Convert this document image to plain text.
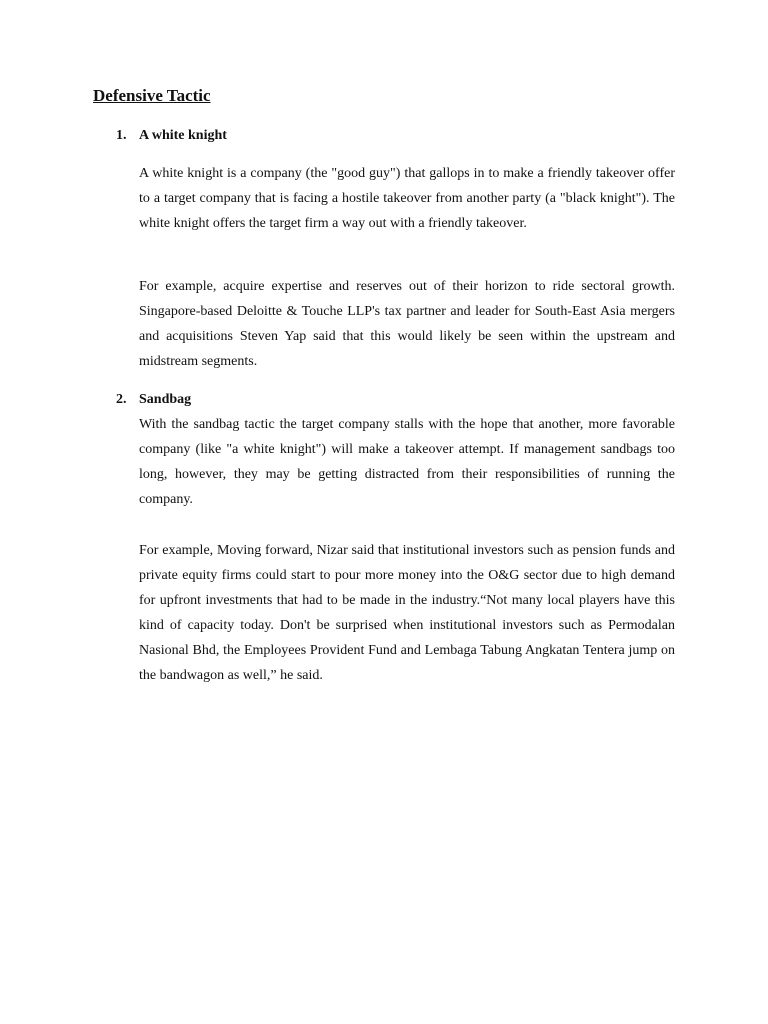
Defensive Tactic
1. A white knight

A white knight is a company (the "good guy") that gallops in to make a friendly takeover offer to a target company that is facing a hostile takeover from another party (a "black knight"). The white knight offers the target firm a way out with a friendly takeover.

For example, acquire expertise and reserves out of their horizon to ride sectoral growth. Singapore-based Deloitte & Touche LLP's tax partner and leader for South-East Asia mergers and acquisitions Steven Yap said that this would likely be seen within the upstream and midstream segments.

2. Sandbag

With the sandbag tactic the target company stalls with the hope that another, more favorable company (like "a white knight") will make a takeover attempt. If management sandbags too long, however, they may be getting distracted from their responsibilities of running the company.

For example, Moving forward, Nizar said that institutional investors such as pension funds and private equity firms could start to pour more money into the O&G sector due to high demand for upfront investments that had to be made in the industry.“Not many local players have this kind of capacity today. Don't be surprised when institutional investors such as Permodalan Nasional Bhd, the Employees Provident Fund and Lembaga Tabung Angkatan Tentera jump on the bandwagon as well,” he said.
